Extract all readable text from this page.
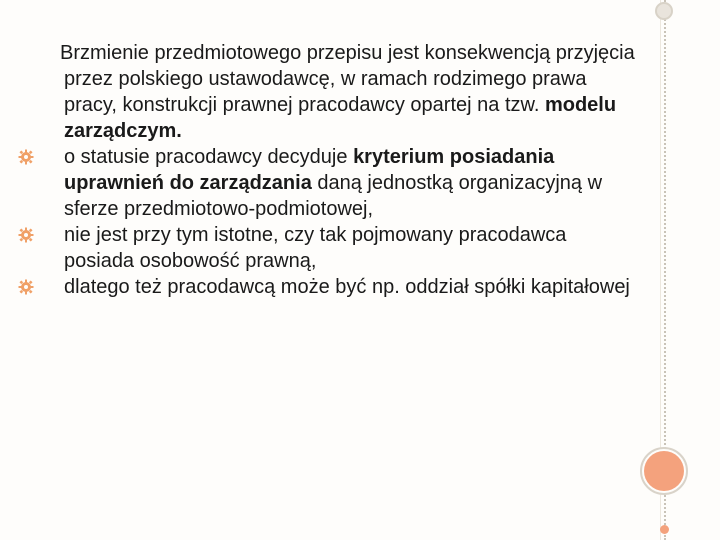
Brzmienie przedmiotowego przepisu jest konsekwencją przyjęcia przez polskiego ustawodawcę, w ramach rodzimego prawa pracy, konstrukcji prawnej pracodawcy opartej na tzw. modelu zarządczym.

o statusie pracodawcy decyduje kryterium posiadania uprawnień do zarządzania daną jednostką organizacyjną w sferze przedmiotowo-podmiotowej,

nie jest przy tym istotne, czy tak pojmowany pracodawca posiada osobowość prawną,

dlatego też pracodawcą może być np. oddział spółki kapitałowej
